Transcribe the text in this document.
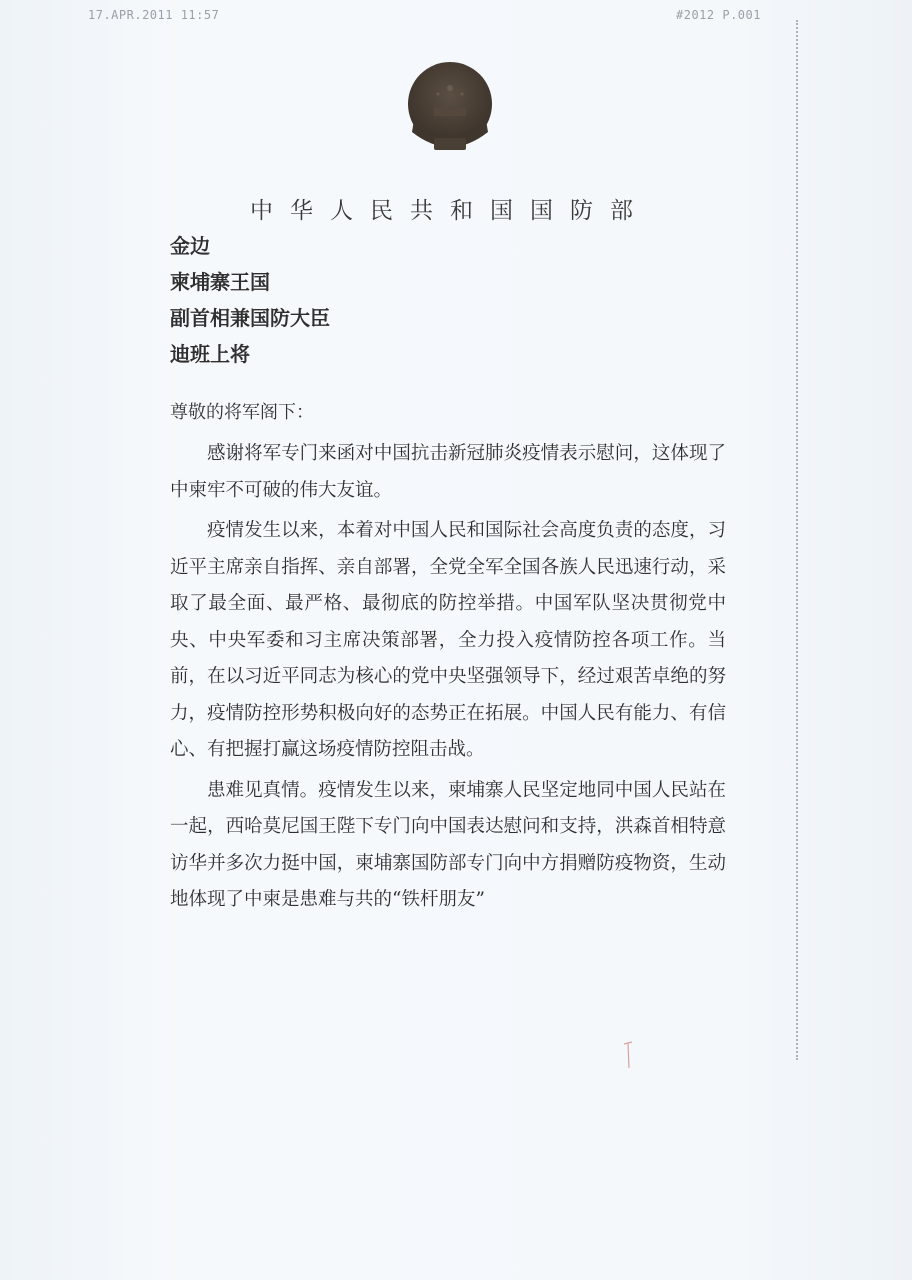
17.APR.2011 11:57	#2012 P.001
中华人民共和国国防部
金边
柬埔寨王国
副首相兼国防大臣
迪班上将
尊敬的将军阁下：

感谢将军专门来函对中国抗击新冠肺炎疫情表示慰问，这体现了中柬牢不可破的伟大友谊。

疫情发生以来，本着对中国人民和国际社会高度负责的态度，习近平主席亲自指挥、亲自部署，全党全军全国各族人民迅速行动，采取了最全面、最严格、最彻底的防控举措。中国军队坚决贯彻党中央、中央军委和习主席决策部署，全力投入疫情防控各项工作。当前，在以习近平同志为核心的党中央坚强领导下，经过艰苦卓绝的努力，疫情防控形势积极向好的态势正在拓展。中国人民有能力、有信心、有把握打赢这场疫情防控阻击战。

患难见真情。疫情发生以来，柬埔寨人民坚定地同中国人民站在一起，西哈莫尼国王陛下专门向中国表达慰问和支持，洪森首相特意访华并多次力挺中国，柬埔寨国防部专门向中方捐赠防疫物资，生动地体现了中柬是患难与共的“铁杆朋友”
